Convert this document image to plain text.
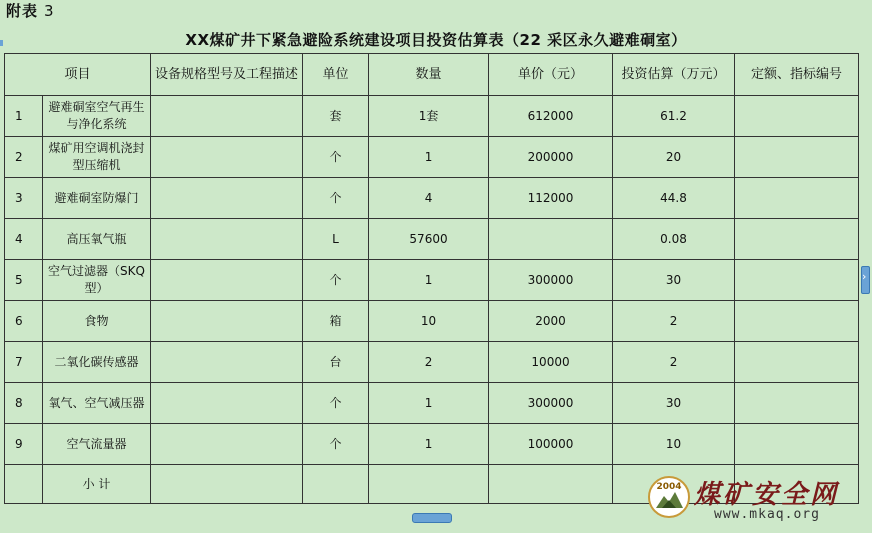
附表 3
XX煤矿井下紧急避险系统建设项目投资估算表（22 采区永久避难硐室）
项目		设备规格型号及工程描述	单位	数量	单价（元）	投资估算（万元）	定额、指标编号
1	避难硐室空气再生与净化系统		套	1套	612000	61.2	
2	煤矿用空调机浇封型压缩机		个	1	200000	20	
3	避难硐室防爆门		个	4	112000	44.8	
4	高压氧气瓶		L	57600		0.08	
5	空气过滤器（SKQ型）		个	1	300000	30	
6	食物		箱	10	2000	2	
7	二氧化碳传感器		台	2	10000	2	
8	氧气、空气减压器		个	1	300000	30	
9	空气流量器		个	1	100000	10	
	小 计						
›	2004 煤矿安全网
www.mkaq.org
